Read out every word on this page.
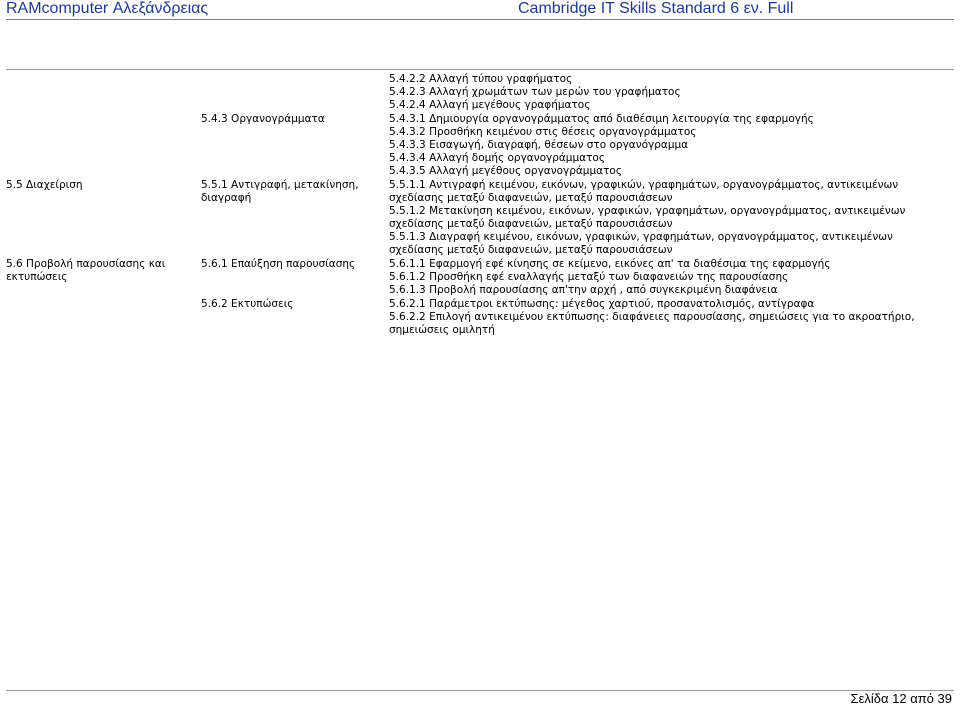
RAMcomputer Αλεξάνδρειας	Cambridge IT Skills Standard 6 εν. Full
5.4.2.2 Αλλαγή τύπου γραφήματος
5.4.2.3 Αλλαγή χρωμάτων των μερών του γραφήματος
5.4.2.4 Αλλαγή μεγέθους γραφήματος
5.4.3 Οργανογράμματα	5.4.3.1 Δημιουργία οργανογράμματος από διαθέσιμη λειτουργία της εφαρμογής
5.4.3.2 Προσθήκη κειμένου στις θέσεις οργανογράμματος
5.4.3.3 Εισαγωγή, διαγραφή, θέσεων στο οργανόγραμμα
5.4.3.4 Αλλαγή δομής οργανογράμματος
5.4.3.5 Αλλαγή μεγέθους οργανογράμματος
5.5 Διαχείριση	5.5.1 Αντιγραφή, μετακίνηση,
διαγραφή
5.5.1.1 Αντιγραφή κειμένου, εικόνων, γραφικών, γραφημάτων, οργανογράμματος, αντικειμένων σχεδίασης μεταξύ διαφανειών, μεταξύ παρουσιάσεων
5.5.1.2 Μετακίνηση κειμένου, εικόνων, γραφικών, γραφημάτων, οργανογράμματος, αντικειμένων σχεδίασης μεταξύ διαφανειών, μεταξύ παρουσιάσεων
5.5.1.3 Διαγραφή κειμένου, εικόνων, γραφικών, γραφημάτων, οργανογράμματος, αντικειμένων σχεδίασης μεταξύ διαφανειών, μεταξύ παρουσιάσεων
5.6 Προβολή παρουσίασης και
εκτυπώσεις
5.6.1 Επαύξηση παρουσίασης	5.6.1.1 Εφαρμογή εφέ κίνησης σε κείμενο, εικόνες απ' τα διαθέσιμα της εφαρμογής
5.6.1.2 Προσθήκη εφέ εναλλαγής μεταξύ των διαφανειών της παρουσίασης
5.6.1.3 Προβολή παρουσίασης απ'την αρχή , από συγκεκριμένη διαφάνεια
5.6.2 Εκτυπώσεις	5.6.2.1 Παράμετροι εκτύπωσης: μέγεθος χαρτιού, προσανατολισμός, αντίγραφα
5.6.2.2 Επιλογή αντικειμένου εκτύπωσης: διαφάνειες παρουσίασης, σημειώσεις για το ακροατήριο, σημειώσεις ομιλητή
Σελίδα 12 από 39
